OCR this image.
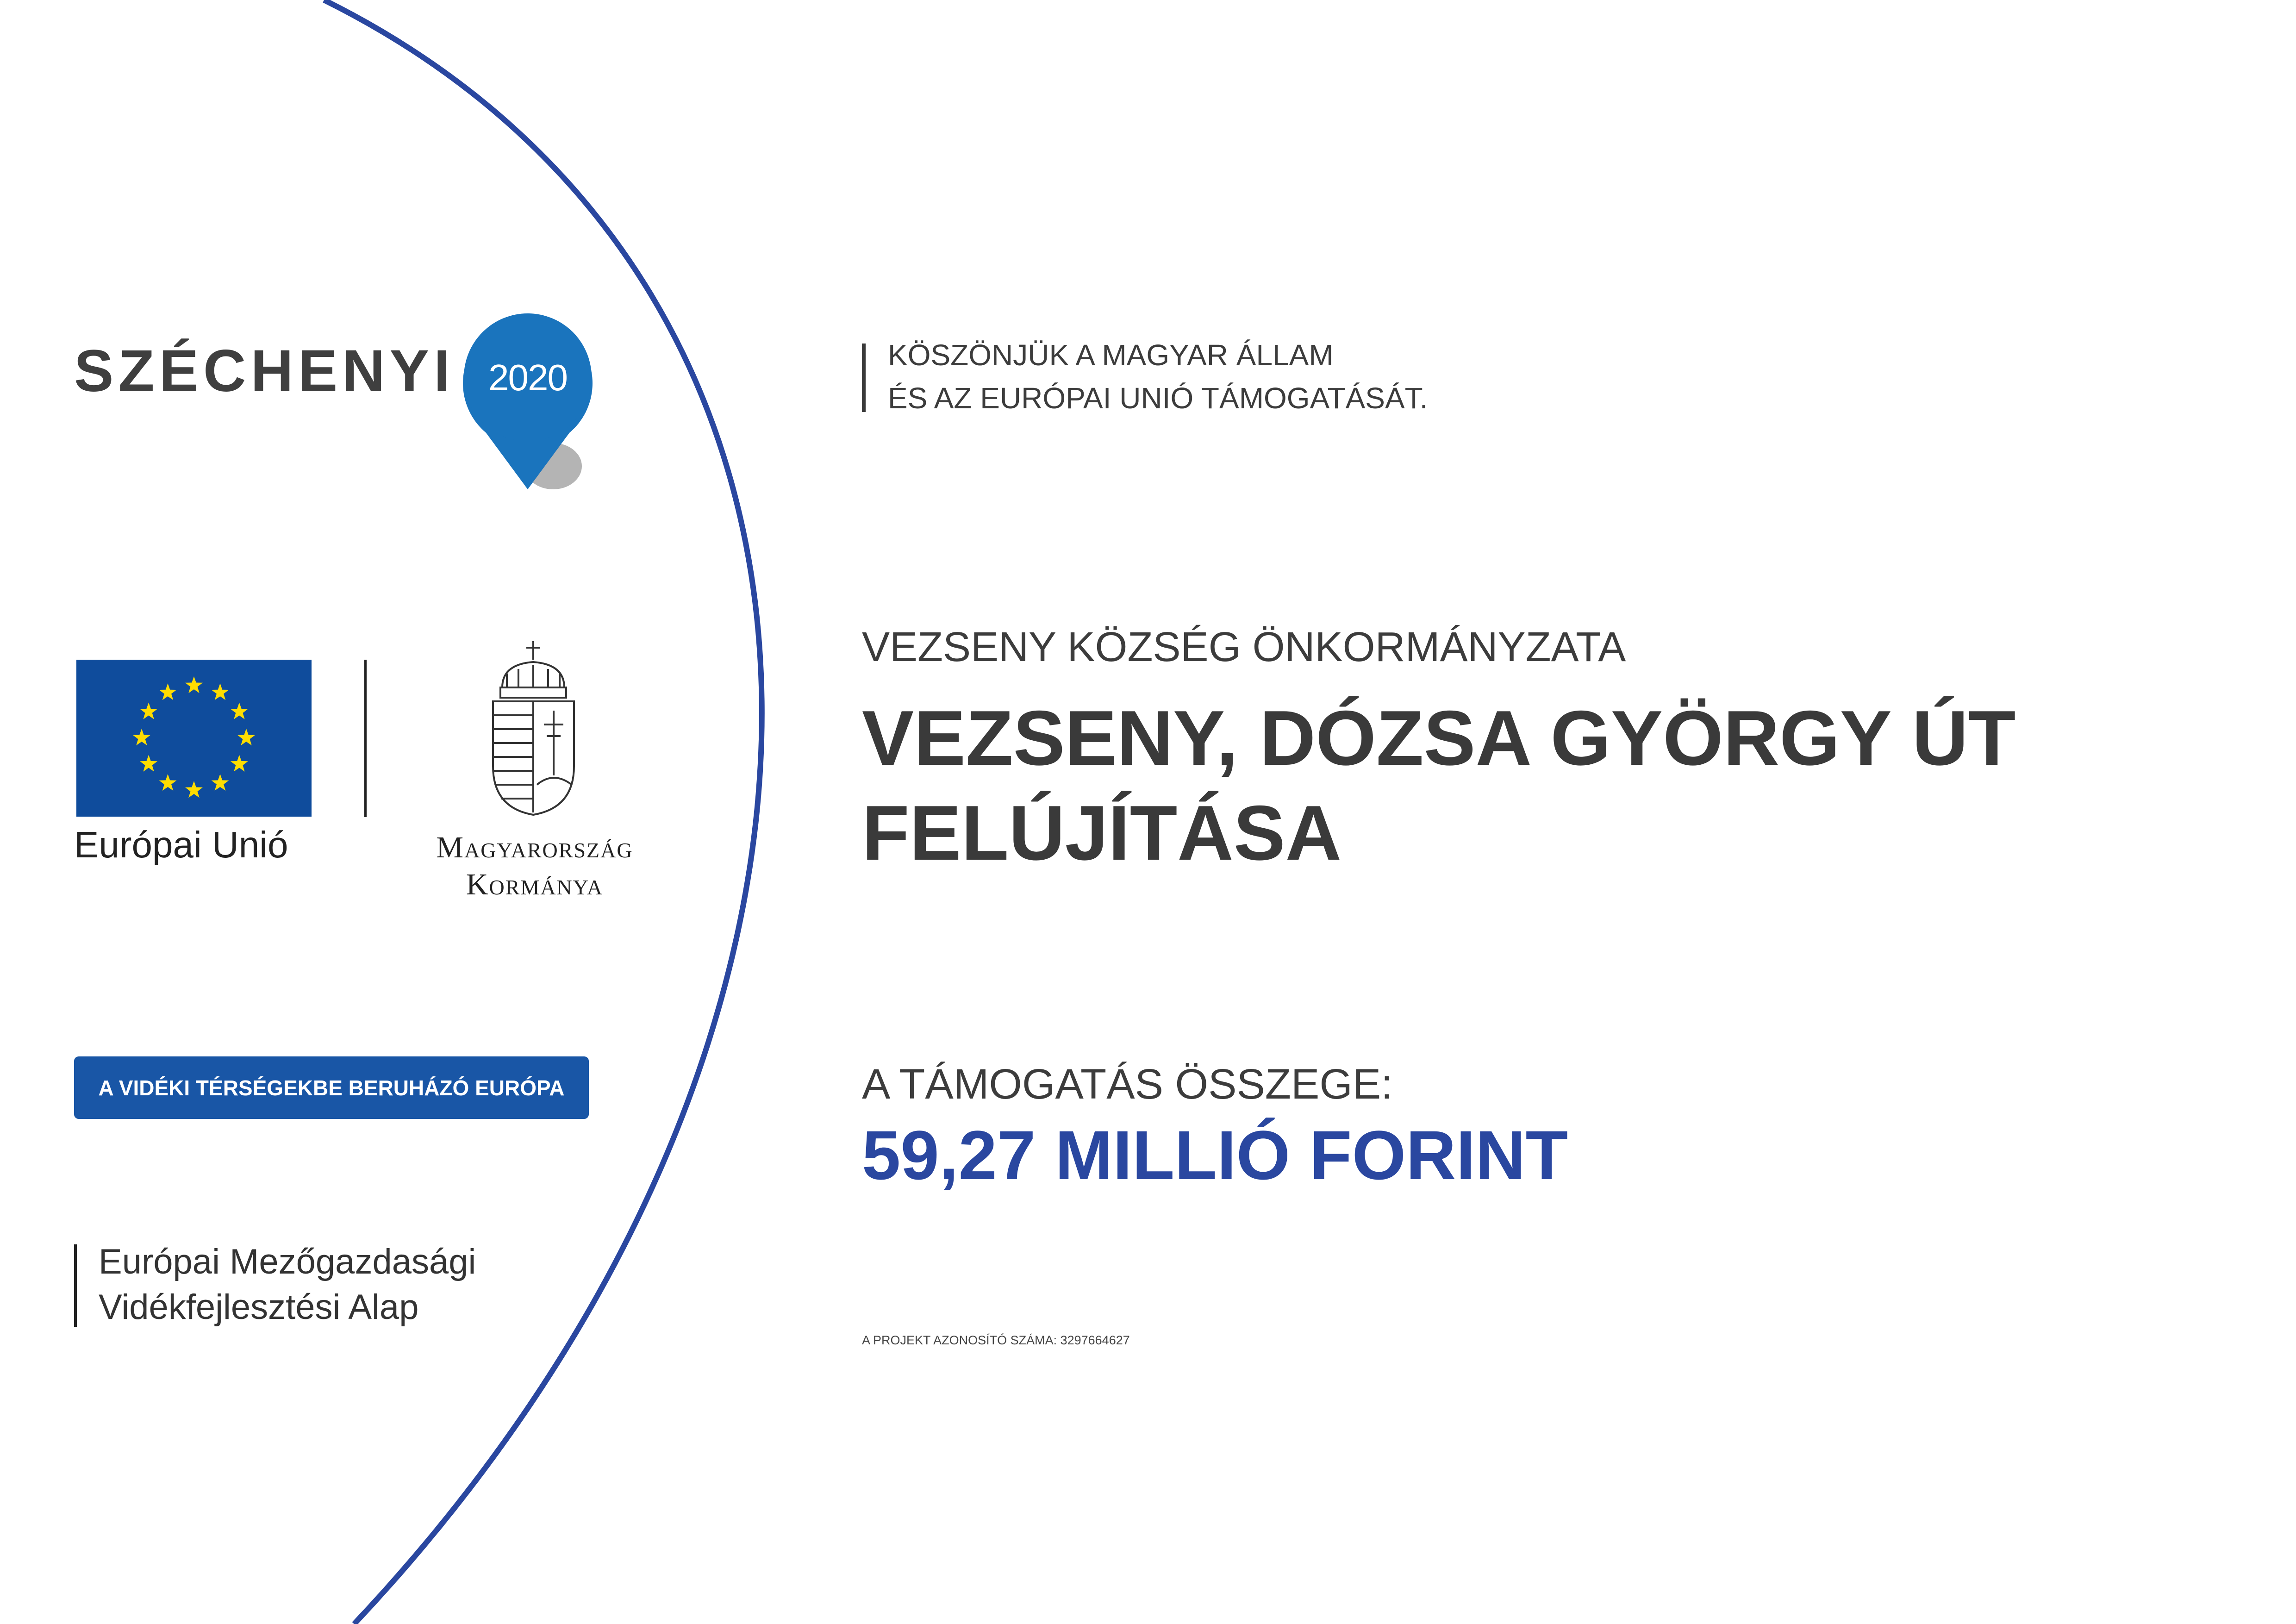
SZÉCHENYI 2020
KÖSZÖNJÜK A MAGYAR ÁLLAM
ÉS AZ EURÓPAI UNIÓ TÁMOGATÁSÁT.
Európai Unió	Magyarország
Kormánya
A VIDÉKI TÉRSÉGEKBE BERUHÁZÓ EURÓPA
Európai Mezőgazdasági
Vidékfejlesztési Alap
VEZSENY KÖZSÉG ÖNKORMÁNYZATA
VEZSENY, DÓZSA GYÖRGY ÚT
FELÚJÍTÁSA
A TÁMOGATÁS ÖSSZEGE:
59,27 MILLIÓ FORINT
A PROJEKT AZONOSÍTÓ SZÁMA: 3297664627
